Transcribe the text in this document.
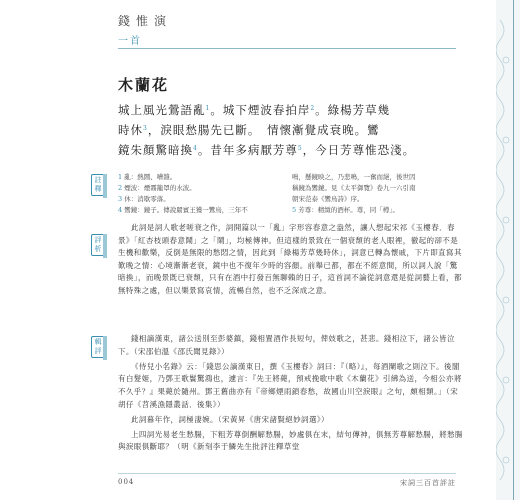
錢惟演
一首
木蘭花
城上風光鶯語亂$^1$。城下煙波春拍岸$^2$。綠楊芳草幾
時休$^3$，淚眼愁腸先已斷。　情懷漸覺成衰晚。鸞
鏡朱顏驚暗換$^4$。昔年多病厭芳尊$^5$，今日芳尊惟恐淺。
註釋
1 亂：熱鬧、嘈雜。
2 煙波：煙霧籠罩的水波。
3 休：消歇零落。
4 鸞鏡：鏡子。傳說罽賓王獲一鸞鳥，三年不
鳴，懸鏡映之，乃悲鳴，一奮而絕，後世因
稱鏡為鸞鏡。見《太平御覽》卷九一六引南
朝宋范泰《鸞鳥詩》序。
5 芳尊：精緻的酒杯。尊，同「樽」。
評析

此詞是詞人歌老嗟衰之作，詞開篇以一「亂」字形容春意之盎然，讓人想起宋祁《玉樓春．春景》「紅杏枝頭春意鬧」之「鬧」，均極傳神。但這樣的景致在一個衰頹的老人眼裡，徹起的卻不是生機和歡樂，反倒是無限的愁悶之情，因此到「綠楊芳草幾時休」，詞意已轉為懷戚，下片即直寫其歎晚之情：心境漸漸老衰，鏡中也不復年少時的容顏。前舉已都，都在不經意間，所以詞人說「驚暗換」，而晚景既已衰頹，只有在酒中打發百無聊賴的日子，這首詞不論從詞意還是從詞藝上看，都無特殊之處，但以樂景寫哀情，流暢自然，也不乏深成之意。

輯評

錢相謫漢東，諸公送別至彭婆鎮，錢相置酒作長短句，俾妓歌之，甚悲。錢相泣下，諸公皆泣下。（宋邵伯溫《邵氏聞見錄》）

《侍兒小名錄》云：「錢思公謫漢東日，撰《玉樓春》詞曰：『（略）』，每酒闌歌之則泣下。後閣有白髮姬，乃鄧王歌鬟驚鴻也，遽言：『先王將薨，預戒挽歌中歌《木蘭花》引紼為送，今相公亦將不久乎？』果薨於隨州。鄧王舊曲亦有『帝鄉煙雨鎖春愁，故國山川空淚眼』之句，頗相類。」（宋胡仔《苕溪漁隱叢話．後集》）

此詞暮年作，詞極淒婉。（宋黃昇《唐宋諸賢絕妙詞選》）

上四詞光易老生愁腸，下粗芳尊倒酬解愁腸，妙處俱在末，結句傳神，俱無芳尊解愁腸，將愁腸與淚眼俱斷耶？（明《新刻李于鱗先生批評注釋草堂

004	宋詞三百首評註
